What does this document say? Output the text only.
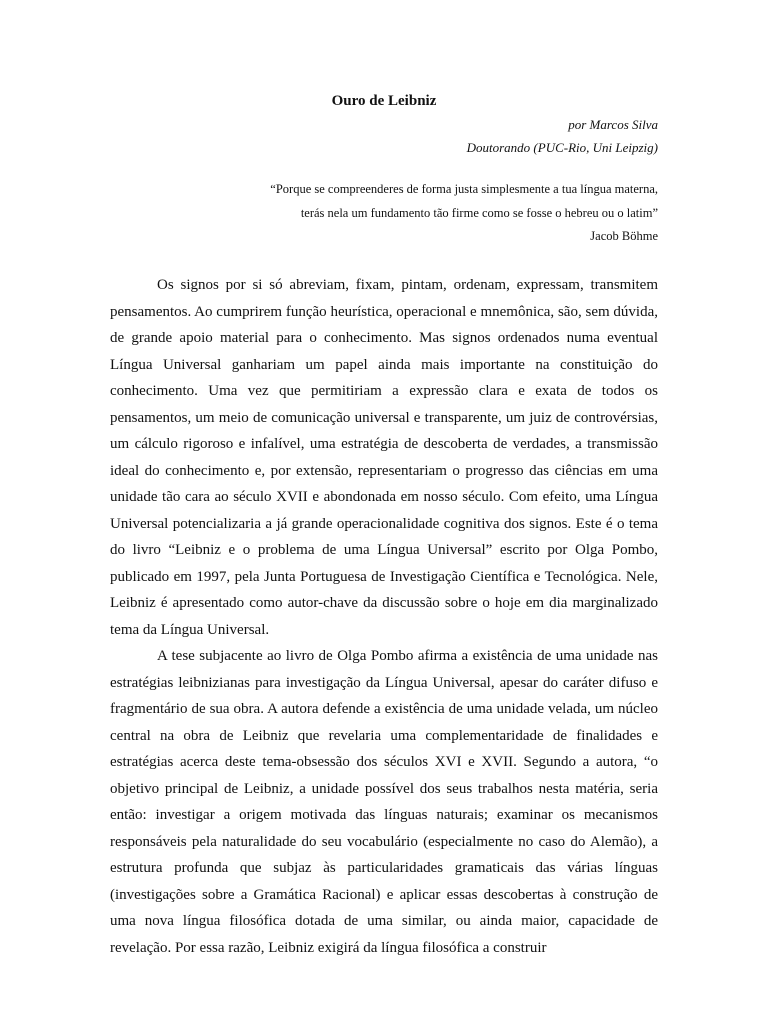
Ouro de Leibniz
por Marcos Silva
Doutorando (PUC-Rio, Uni Leipzig)
“Porque se compreenderes de forma justa simplesmente a tua língua materna,
terás nela um fundamento tão firme como se fosse o hebreu ou o latim”
Jacob Böhme

Os signos por si só abreviam, fixam, pintam, ordenam, expressam, transmitem pensamentos. Ao cumprirem função heurística, operacional e mnemônica, são, sem dúvida, de grande apoio material para o conhecimento. Mas signos ordenados numa eventual Língua Universal ganhariam um papel ainda mais importante na constituição do conhecimento. Uma vez que permitiriam a expressão clara e exata de todos os pensamentos, um meio de comunicação universal e transparente, um juiz de controvérsias, um cálculo rigoroso e infalível, uma estratégia de descoberta de verdades, a transmissão ideal do conhecimento e, por extensão, representariam o progresso das ciências em uma unidade tão cara ao século XVII e abondonada em nosso século. Com efeito, uma Língua Universal potencializaria a já grande operacionalidade cognitiva dos signos. Este é o tema do livro “Leibniz e o problema de uma Língua Universal” escrito por Olga Pombo, publicado em 1997, pela Junta Portuguesa de Investigação Científica e Tecnológica. Nele, Leibniz é apresentado como autor-chave da discussão sobre o hoje em dia marginalizado tema da Língua Universal.

A tese subjacente ao livro de Olga Pombo afirma a existência de uma unidade nas estratégias leibnizianas para investigação da Língua Universal, apesar do caráter difuso e fragmentário de sua obra. A autora defende a existência de uma unidade velada, um núcleo central na obra de Leibniz que revelaria uma complementaridade de finalidades e estratégias acerca deste tema-obsessão dos séculos XVI e XVII. Segundo a autora, “o objetivo principal de Leibniz, a unidade possível dos seus trabalhos nesta matéria, seria então: investigar a origem motivada das línguas naturais; examinar os mecanismos responsáveis pela naturalidade do seu vocabulário (especialmente no caso do Alemão), a estrutura profunda que subjaz às particularidades gramaticais das várias línguas (investigações sobre a Gramática Racional) e aplicar essas descobertas à construção de uma nova língua filosófica dotada de uma similar, ou ainda maior, capacidade de revelação. Por essa razão, Leibniz exigirá da língua filosófica a construir
